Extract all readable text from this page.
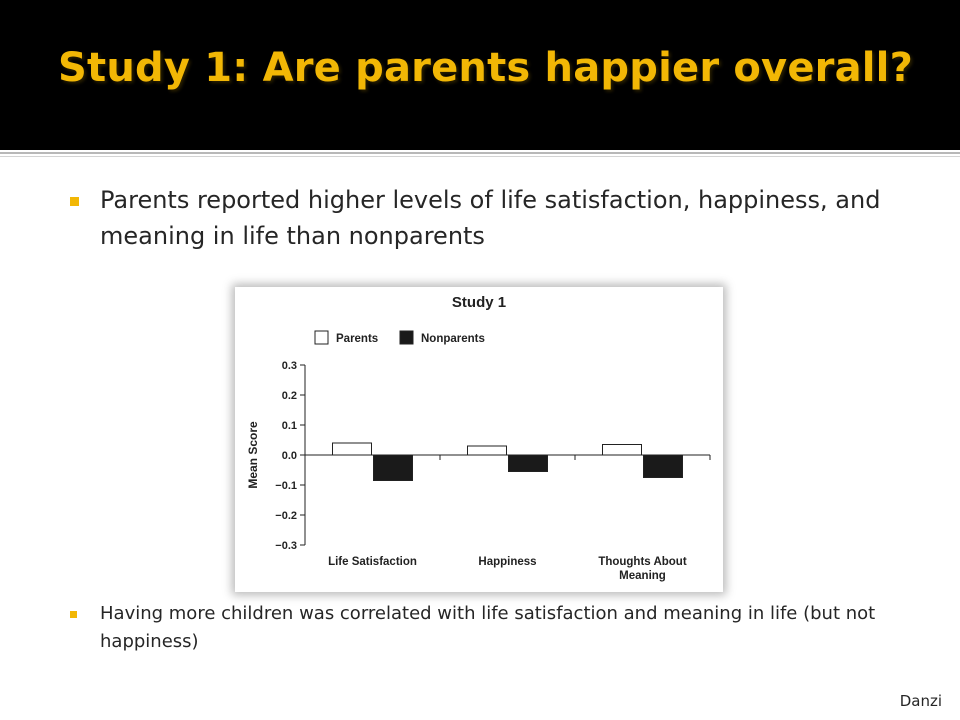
Study 1: Are parents happier overall?
Parents reported higher levels of life satisfaction, happiness, and meaning in life than nonparents
Study 1
Parents	Nonparents
0.3
0.2
0.1
0.0
−0.1
−0.2
−0.3
Mean Score
Life Satisfaction	Happiness	Thoughts About
Meaning
Having more children was correlated with life satisfaction and meaning in life (but not happiness)
Danzi
